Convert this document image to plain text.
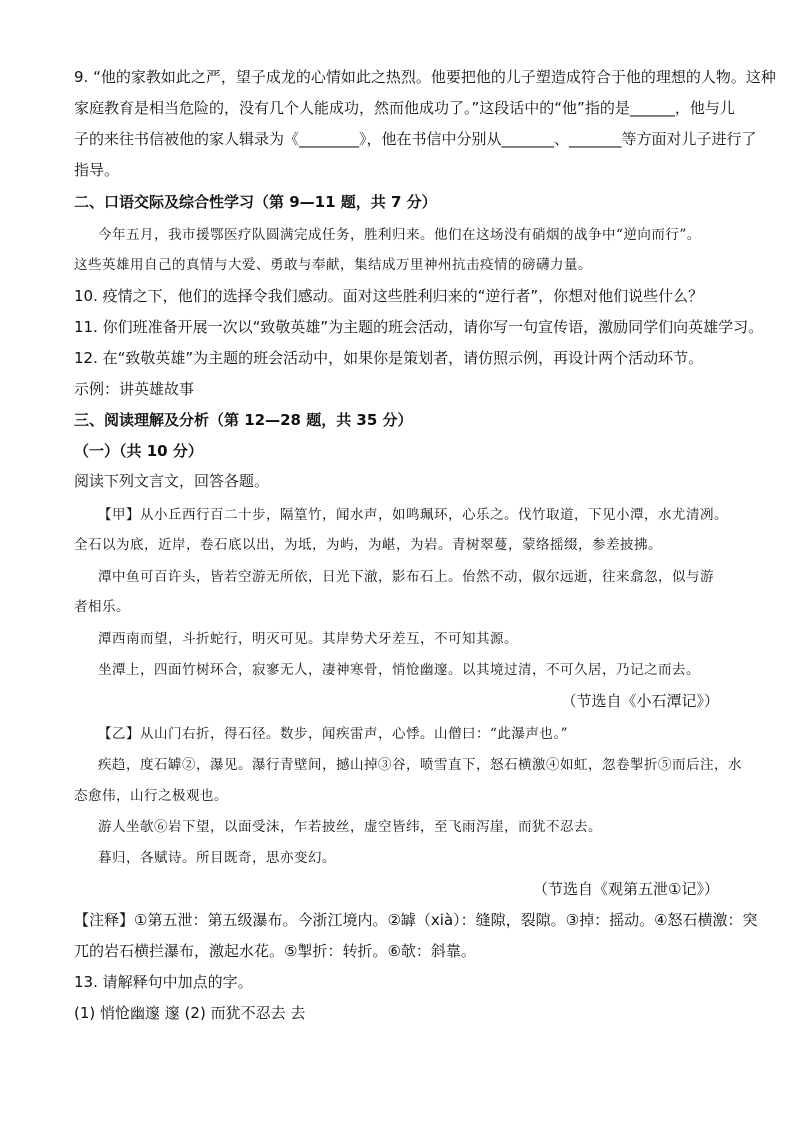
9. “他的家教如此之严，望子成龙的心情如此之热烈。他要把他的儿子塑造成符合于他的理想的人物。这种
家庭教育是相当危险的，没有几个人能成功，然而他成功了。”这段话中的“他”指的是______，他与儿
子的来往书信被他的家人辑录为《________》，他在书信中分别从_______、_______等方面对儿子进行了
指导。
二、口语交际及综合性学习（第 9—11 题，共 7 分）
今年五月，我市援鄂医疗队圆满完成任务，胜利归来。他们在这场没有硝烟的战争中“逆向而行”。
这些英雄用自己的真情与大爱、勇敢与奉献，集结成万里神州抗击疫情的磅礴力量。
10. 疫情之下，他们的选择令我们感动。面对这些胜利归来的“逆行者”，你想对他们说些什么？
11. 你们班准备开展一次以“致敬英雄”为主题的班会活动，请你写一句宣传语，激励同学们向英雄学习。
12. 在“致敬英雄”为主题的班会活动中，如果你是策划者，请仿照示例，再设计两个活动环节。
示例：讲英雄故事
三、阅读理解及分析（第 12—28 题，共 35 分）
（一）（共 10 分）
阅读下列文言文，回答各题。
【甲】从小丘西行百二十步，隔篁竹，闻水声，如鸣珮环，心乐之。伐竹取道，下见小潭，水尤清冽。
全石以为底，近岸，卷石底以出，为坻，为屿，为嵁，为岩。青树翠蔓，蒙络摇缀，参差披拂。
潭中鱼可百许头，皆若空游无所依，日光下澈，影布石上。佁然不动，俶尔远逝，往来翕忽，似与游
者相乐。
潭西南而望，斗折蛇行，明灭可见。其岸势犬牙差互，不可知其源。
坐潭上，四面竹树环合，寂寥无人，凄神寒骨，悄怆幽邃。以其境过清，不可久居，乃记之而去。
（节选自《小石潭记》）
【乙】从山门右折，得石径。数步，闻疾雷声，心悸。山僧曰：“此瀑声也。”
疾趋，度石罅②，瀑见。瀑行青壁间，撼山掉③谷，喷雪直下，怒石横激④如虹，忽卷掣折⑤而后注，水
态愈伟，山行之极观也。
游人坐欹⑥岩下望，以面受沫，乍若披丝，虚空皆纬，至飞雨泻崖，而犹不忍去。
暮归，各赋诗。所目既奇，思亦变幻。
（节选自《观第五泄①记》）
【注释】①第五泄：第五级瀑布。今浙江境内。②罅（xià）：缝隙，裂隙。③掉：摇动。④怒石横激：突
兀的岩石横拦瀑布，激起水花。⑤掣折：转折。⑥欹：斜靠。
13. 请解释句中加点的字。
(1) 悄怆幽邃 邃 (2) 而犹不忍去 去
